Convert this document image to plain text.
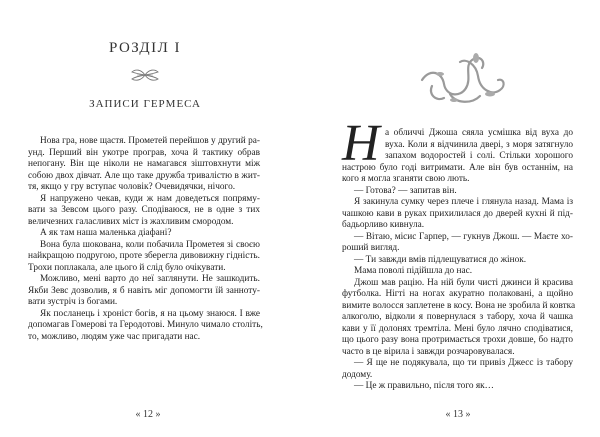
РОЗДІЛ І
ЗАПИСИ ГЕРМЕСА
Нова гра, нове щастя. Прометей перейшов у другий ра-
унд. Перший він укотре програв, хоча й тактику обрав
непогану. Він ще ніколи не намагався зіштовхнути між
собою двох дівчат. Але що таке дружба тривалістю в жит-
тя, якщо у гру вступає чоловік? Очевидячки, нічого.
Я напружено чекав, куди ж нам доведеться попряму-
вати за Зевсом цього разу. Сподіваюся, не в одне з тих
величезних галасливих міст із жахливим смородом.
А як там наша маленька діафані?
Вона була шокована, коли побачила Прометея зі своєю
найкращою подругою, проте зберегла дивовижну гідність.
Трохи поплакала, але цього й слід було очікувати.
Можливо, мені варто до неї заглянути. Не зашкодить.
Якби Зевс дозволив, я б навіть міг допомогти їй занноту-
вати зустріч із богами.
Як посланець і хроніст богів, я на цьому знаюся. І вже
допомагав Гомерові та Геродотові. Минуло чимало століть,
то, можливо, людям уже час пригадати нас.
« 12 »
Н а обличчі Джоша сяяла усмішка від вуха до
вуха. Коли я відчинила двері, з моря затягнуло
запахом водоростей і солі. Стільки хорошого
настрою було годі витримати. Але він був останнім, на
кого я могла зганяти свою лють.
— Готова? — запитав він.
Я закинула сумку через плече і глянула назад. Мама із
чашкою кави в руках прихилилася до дверей кухні й під-
бадьорливо кивнула.
— Вітаю, місис Гарпер, — гукнув Джош. — Маєте хо-
роший вигляд.
— Ти завжди вмів підлещуватися до жінок.
Мама поволі підійшла до нас.
Джош мав рацію. На ній були чисті джинси й красива
футболка. Нігті на ногах акуратно полаковані, а щойно
вимите волосся заплетене в косу. Вона не зробила й ковтка
алкоголю, відколи я повернулася з табору, хоча й чашка
кави у її долонях тремтіла. Мені було лячно сподіватися,
що цього разу вона протримається трохи довше, бо надто
часто в це вірила і завжди розчаровувалася.
— Я ще не подякувала, що ти привіз Джесс із табору
додому.
— Це ж правильно, після того як…
« 13 »
